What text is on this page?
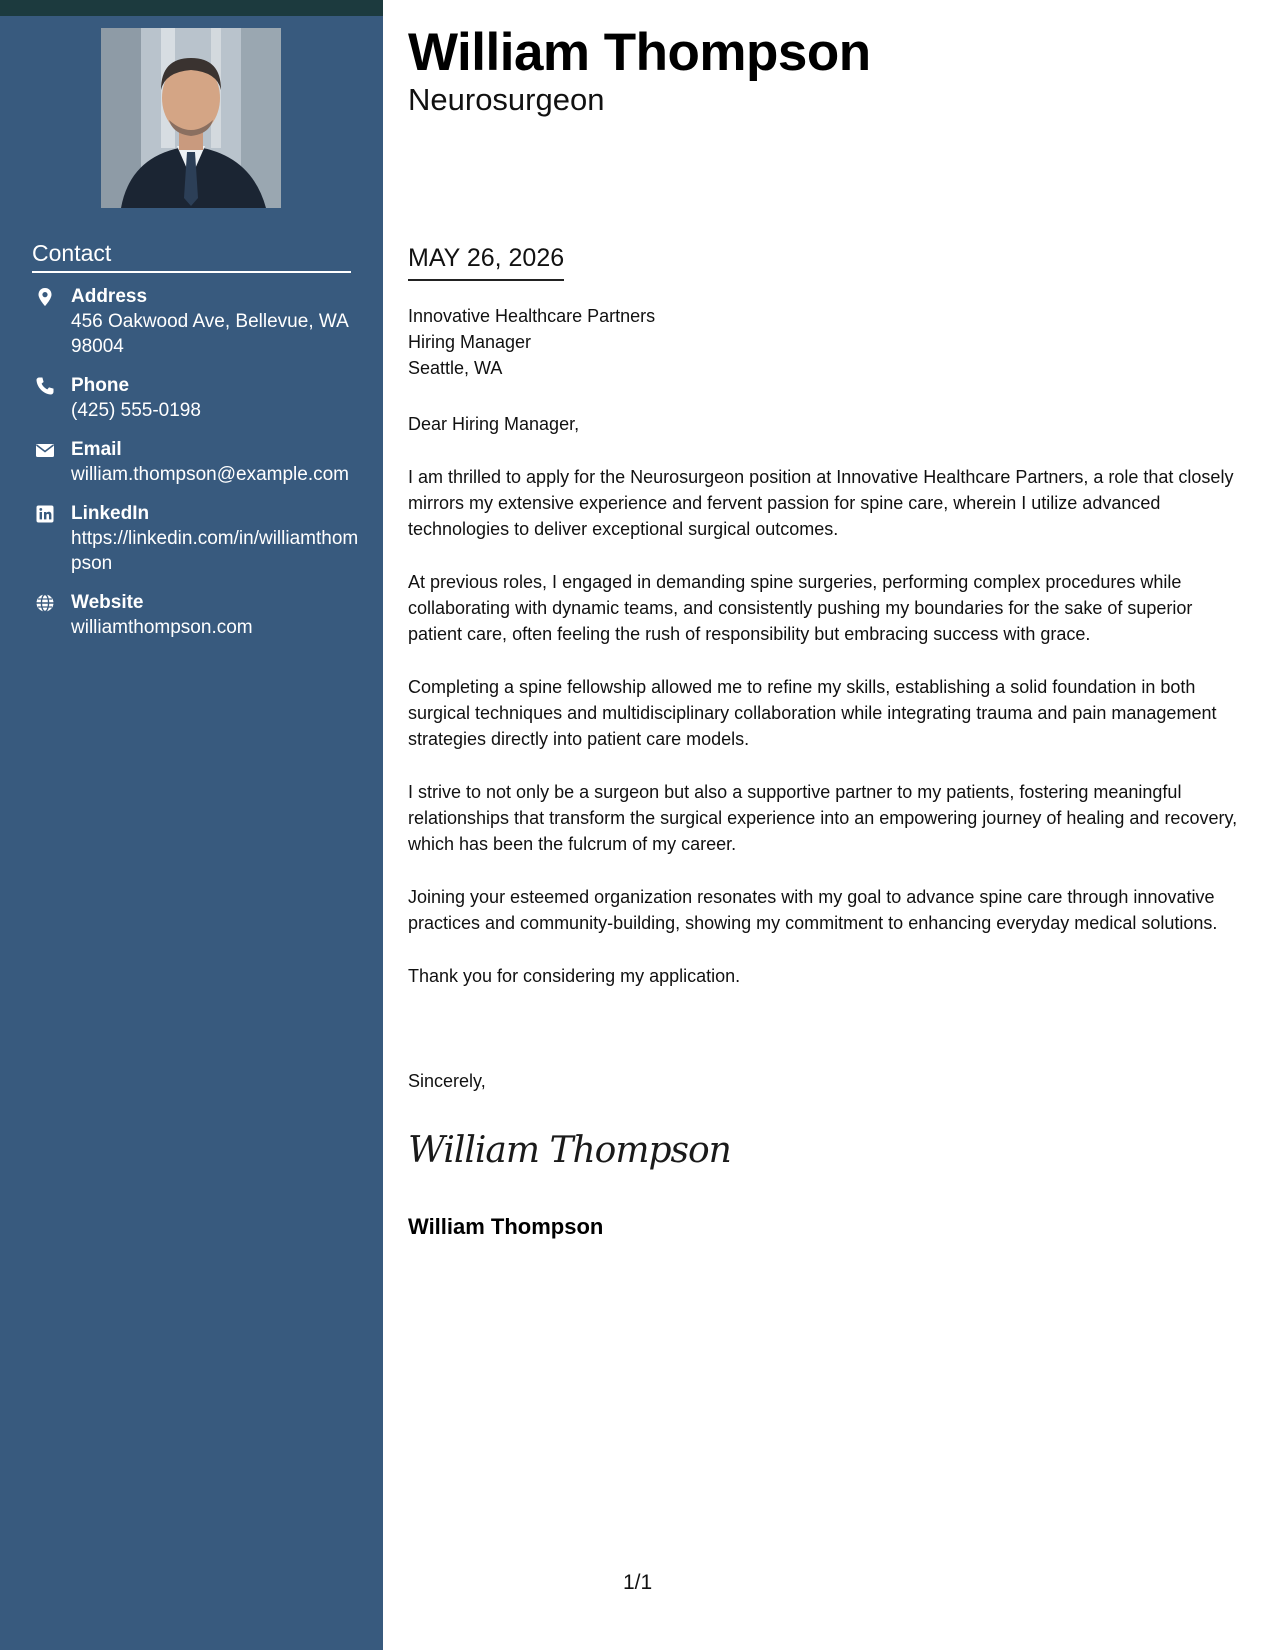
Contact
Address
456 Oakwood Ave, Bellevue, WA 98004
Phone
(425) 555-0198
Email
william.thompson@example.com
LinkedIn
https://linkedin.com/in/williamthompson
Website
williamthompson.com
William Thompson
Neurosurgeon
MAY 26, 2026
Innovative Healthcare Partners
Hiring Manager
Seattle, WA

Dear Hiring Manager,

I am thrilled to apply for the Neurosurgeon position at Innovative Healthcare Partners, a role that closely mirrors my extensive experience and fervent passion for spine care, wherein I utilize advanced technologies to deliver exceptional surgical outcomes.

At previous roles, I engaged in demanding spine surgeries, performing complex procedures while collaborating with dynamic teams, and consistently pushing my boundaries for the sake of superior patient care, often feeling the rush of responsibility but embracing success with grace.

Completing a spine fellowship allowed me to refine my skills, establishing a solid foundation in both surgical techniques and multidisciplinary collaboration while integrating trauma and pain management strategies directly into patient care models.

I strive to not only be a surgeon but also a supportive partner to my patients, fostering meaningful relationships that transform the surgical experience into an empowering journey of healing and recovery, which has been the fulcrum of my career.

Joining your esteemed organization resonates with my goal to advance spine care through innovative practices and community-building, showing my commitment to enhancing everyday medical solutions.

Thank you for considering my application.

Sincerely,
William Thompson
William Thompson
1/1
